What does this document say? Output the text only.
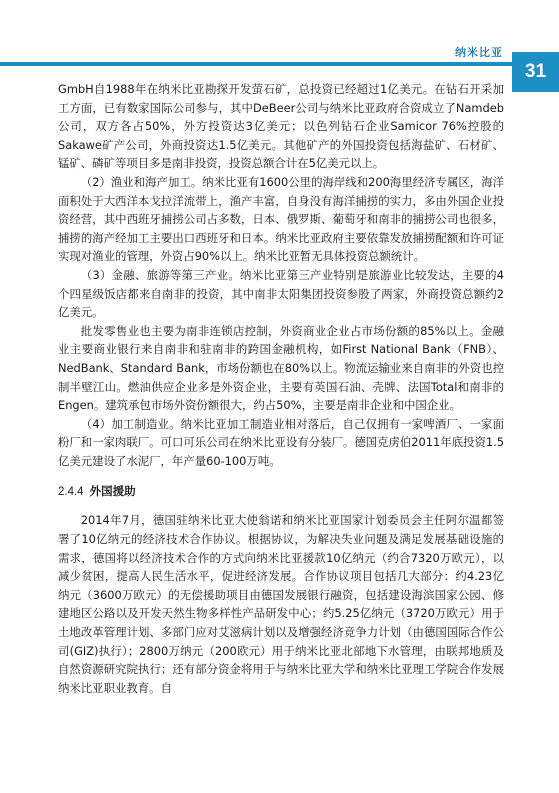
纳米比亚
31

GmbH自1988年在纳米比亚勘探开发萤石矿，总投资已经超过1亿美元。在钻石开采加工方面，已有数家国际公司参与，其中DeBeer公司与纳米比亚政府合资成立了Namdeb公司，双方各占50%，外方投资达3亿美元；以色列钻石企业Samicor 76%控股的Sakawe矿产公司，外商投资达1.5亿美元。其他矿产的外国投资包括海盐矿、石材矿、锰矿、磷矿等项目多是南非投资，投资总额合计在5亿美元以上。

（2）渔业和海产加工。纳米比亚有1600公里的海岸线和200海里经济专属区，海洋面积处于大西洋本戈拉洋流带上，渔产丰富，自身没有海洋捕捞的实力，多由外国企业投资经营，其中西班牙捕捞公司占多数，日本、俄罗斯、葡萄牙和南非的捕捞公司也很多，捕捞的海产经加工主要出口西班牙和日本。纳米比亚政府主要依靠发放捕捞配额和许可证实现对渔业的管理，外资占90%以上。纳米比亚暂无具体投资总额统计。

（3）金融、旅游等第三产业。纳米比亚第三产业特别是旅游业比较发达，主要的4个四星级饭店都来自南非的投资，其中南非太阳集团投资参股了两家，外商投资总额约2亿美元。

批发零售业也主要为南非连锁店控制，外资商业企业占市场份额的85%以上。金融业主要商业银行来自南非和驻南非的跨国金融机构，如First National Bank（FNB）、NedBank、Standard Bank，市场份额也在80%以上。物流运输业来自南非的外资也控制半壁江山。燃油供应企业多是外资企业，主要有英国石油、壳牌、法国Total和南非的Engen。建筑承包市场外资份额很大，约占50%，主要是南非企业和中国企业。

（4）加工制造业。纳米比亚加工制造业相对落后，自己仅拥有一家啤酒厂、一家面粉厂和一家肉联厂。可口可乐公司在纳米比亚设有分装厂。德国克虏伯2011年底投资1.5亿美元建设了水泥厂，年产量60-100万吨。

2.4.4 外国援助

2014年7月，德国驻纳米比亚大使翁诺和纳米比亚国家计划委员会主任阿尔温都签署了10亿纳元的经济技术合作协议。根据协议，为解决失业问题及满足发展基础设施的需求，德国将以经济技术合作的方式向纳米比亚援款10亿纳元（约合7320万欧元），以减少贫困，提高人民生活水平，促进经济发展。合作协议项目包括几大部分：约4.23亿纳元（3600万欧元）的无偿援助项目由德国发展银行融资，包括建设海滨国家公园、修建地区公路以及开发天然生物多样性产品研发中心；约5.25亿纳元（3720万欧元）用于土地改革管理计划、多部门应对艾滋病计划以及增强经济竞争力计划（由德国国际合作公司(GIZ)执行）；2800万纳元（200欧元）用于纳米比亚北部地下水管理，由联邦地质及自然资源研究院执行；还有部分资金将用于与纳米比亚大学和纳米比亚理工学院合作发展纳米比亚职业教育。自
